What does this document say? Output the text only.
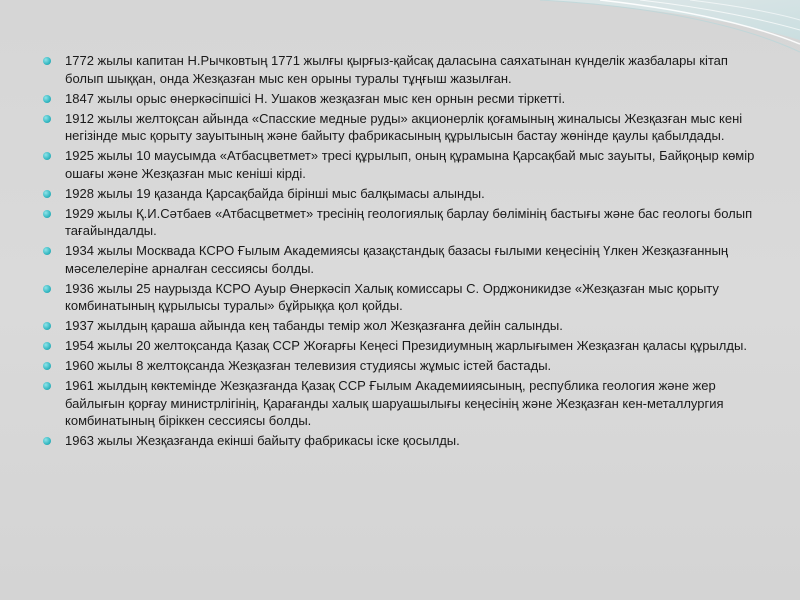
1772 жылы капитан Н.Рычковтың 1771 жылғы қырғыз-қайсақ даласына саяхатынан күнделік жазбалары кітап болып шыққан, онда Жезқазған мыс кен орыны туралы тұңғыш жазылған.
1847 жылы орыс өнеркәсіпшісі Н. Ушаков жезқазған мыс кен орнын ресми тіркетті.
1912 жылы желтоқсан айында «Спасские медные руды» акционерлік қоғамының жиналысы Жезқазған мыс кені негізінде мыс қорыту зауытының және байыту фабрикасының құрылысын бастау жөнінде қаулы қабылдады.
1925 жылы 10 маусымда «Атбасцветмет» тресі құрылып, оның құрамына Қарсақбай мыс зауыты, Байқоңыр көмір ошағы және Жезқазған мыс кеніші кірді.
1928 жылы 19 қазанда Қарсақбайда бірінші мыс балқымасы алынды.
1929 жылы Қ.И.Сәтбаев «Атбасцветмет» тресінің геологиялық барлау бөлімінің бастығы және бас геологы болып тағайындалды.
1934 жылы Москвада КСРО Ғылым Академиясы қазақстандық базасы ғылыми кеңесінің Үлкен Жезқазғанның мәселелеріне арналған сессиясы болды.
1936 жылы 25 наурызда КСРО Ауыр Өнеркәсіп Халық комиссары С. Орджоникидзе «Жезқазған мыс қорыту комбинатының құрылысы туралы» бұйрыққа қол қойды.
1937 жылдың қараша айында кең табанды темір жол Жезқазғанға дейін салынды.
1954 жылы 20 желтоқсанда Қазақ ССР Жоғарғы Кеңесі Президиумның жарлығымен Жезқазған қаласы құрылды.
1960 жылы 8 желтоқсанда Жезқазған телевизия студиясы жұмыс істей бастады.
1961 жылдың көктемінде Жезқазғанда Қазақ ССР Ғылым Академииясының, республика геология және жер байлығын қорғау министрлігінің, Қарағанды халық шаруашылығы кеңесінің және Жезқазған кен-металлургия комбинатының біріккен сессиясы болды.
1963 жылы Жезқазғанда екінші байыту фабрикасы іске қосылды.
